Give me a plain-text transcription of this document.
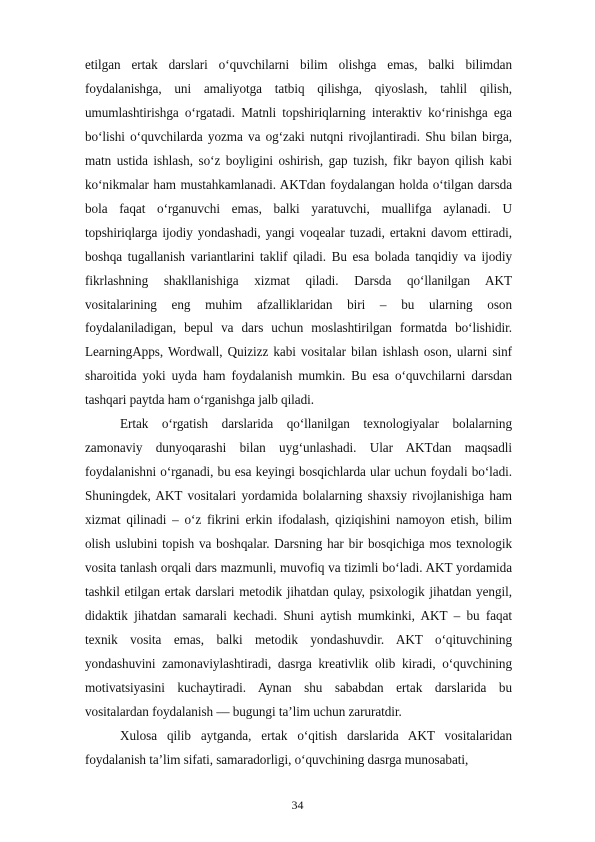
etilgan ertak darslari o‘quvchilarni bilim olishga emas, balki bilimdan foydalanishga, uni amaliyotga tatbiq qilishga, qiyoslash, tahlil qilish, umumlashtirishga o‘rgatadi. Matnli topshiriqlarning interaktiv ko‘rinishga ega bo‘lishi o‘quvchilarda yozma va og‘zaki nutqni rivojlantiradi. Shu bilan birga, matn ustida ishlash, so‘z boyligini oshirish, gap tuzish, fikr bayon qilish kabi ko‘nikmalar ham mustahkamlanadi. AKTdan foydalangan holda o‘tilgan darsda bola faqat o‘rganuvchi emas, balki yaratuvchi, muallifga aylanadi. U topshiriqlarga ijodiy yondashadi, yangi voqealar tuzadi, ertakni davom ettiradi, boshqa tugallanish variantlarini taklif qiladi. Bu esa bolada tanqidiy va ijodiy fikrlashning shakllanishiga xizmat qiladi. Darsda qo‘llanilgan AKT vositalarining eng muhim afzalliklaridan biri – bu ularning oson foydalaniladigan, bepul va dars uchun moslashtirilgan formatda bo‘lishidir. LearningApps, Wordwall, Quizizz kabi vositalar bilan ishlash oson, ularni sinf sharoitida yoki uyda ham foydalanish mumkin. Bu esa o‘quvchilarni darsdan tashqari paytda ham o‘rganishga jalb qiladi.

Ertak o‘rgatish darslarida qo‘llanilgan texnologiyalar bolalarning zamonaviy dunyoqarashi bilan uyg‘unlashadi. Ular AKTdan maqsadli foydalanishni o‘rganadi, bu esa keyingi bosqichlarda ular uchun foydali bo‘ladi. Shuningdek, AKT vositalari yordamida bolalarning shaxsiy rivojlanishiga ham xizmat qilinadi – o‘z fikrini erkin ifodalash, qiziqishini namoyon etish, bilim olish uslubini topish va boshqalar. Darsning har bir bosqichiga mos texnologik vosita tanlash orqali dars mazmunli, muvofiq va tizimli bo‘ladi. AKT yordamida tashkil etilgan ertak darslari metodik jihatdan qulay, psixologik jihatdan yengil, didaktik jihatdan samarali kechadi. Shuni aytish mumkinki, AKT – bu faqat texnik vosita emas, balki metodik yondashuvdir. AKT o‘qituvchining yondashuvini zamonaviylashtiradi, dasrga kreativlik olib kiradi, o‘quvchining motivatsiyasini kuchaytiradi. Aynan shu sababdan ertak darslarida bu vositalardan foydalanish — bugungi ta’lim uchun zaruratdir.

Xulosa qilib aytganda, ertak o‘qitish darslarida AKT vositalaridan foydalanish ta’lim sifati, samaradorligi, o‘quvchining dasrga munosabati,

34
